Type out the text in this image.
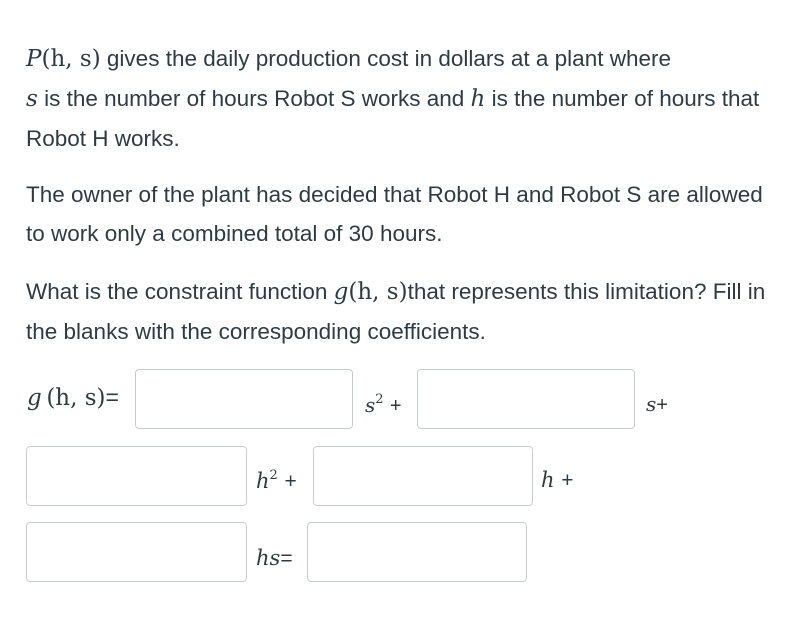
P(h, s) gives the daily production cost in dollars at a plant where
s is the number of hours Robot S works and h is the number of hours that Robot H works.

The owner of the plant has decided that Robot H and Robot S are allowed to work only a combined total of 30 hours.

What is the constraint function g(h, s)that represents this limitation? Fill in the blanks with the corresponding coefficients.

g  (h, s)=	$s^2$ +	s+
$h^2$ +	h +
hs=
